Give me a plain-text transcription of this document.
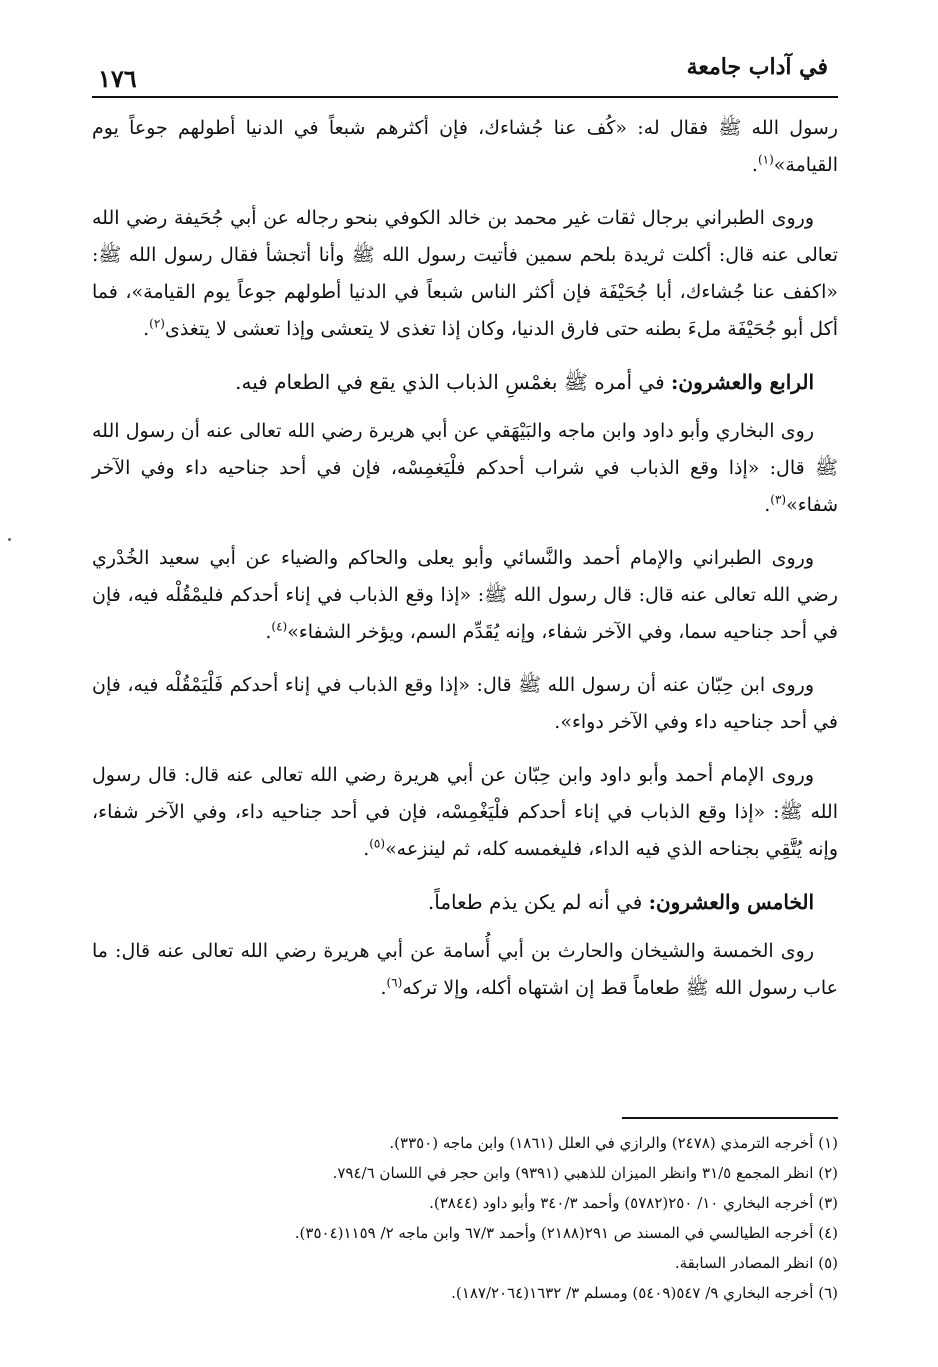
في آداب جامعة
١٧٦

رسول الله ﷺ فقال له: «كُف عنا جُشاءك، فإن أكثرهم شبعاً في الدنيا أطولهم جوعاً يوم القيامة»$^{(١)}$.

وروى الطبراني برجال ثقات غير محمد بن خالد الكوفي بنحو رجاله عن أبي جُحَيفة رضي الله تعالى عنه قال: أكلت ثريدة بلحم سمين فأتيت رسول الله ﷺ وأنا أتجشأ فقال رسول الله ﷺ: «اكفف عنا جُشاءك، أبا جُحَيْفَة فإن أكثر الناس شبعاً في الدنيا أطولهم جوعاً يوم القيامة»، فما أكل أبو جُحَيْفَة ملءَ بطنه حتى فارق الدنيا، وكان إذا تغذى لا يتعشى وإذا تعشى لا يتغذى$^{(٢)}$.

الرابع والعشرون: في أمره ﷺ بغمْسِ الذباب الذي يقع في الطعام فيه.

روى البخاري وأبو داود وابن ماجه والبَيْهَقي عن أبي هريرة رضي الله تعالى عنه أن رسول الله ﷺ قال: «إذا وقع الذباب في شراب أحدكم فلْيَغمِسْه، فإن في أحد جناحيه داء وفي الآخر شفاء»$^{(٣)}$.

وروى الطبراني والإمام أحمد والنَّسائي وأبو يعلى والحاكم والضياء عن أبي سعيد الخُدْري رضي الله تعالى عنه قال: قال رسول الله ﷺ: «إذا وقع الذباب في إناء أحدكم فليمْقُلْه فيه، فإن في أحد جناحيه سما، وفي الآخر شفاء، وإنه يُقَدِّم السم، ويؤخر الشفاء»$^{(٤)}$.

وروى ابن حِبّان عنه أن رسول الله ﷺ قال: «إذا وقع الذباب في إناء أحدكم فَلْيَمْقُلْه فيه، فإن في أحد جناحيه داء وفي الآخر دواء».

وروى الإمام أحمد وأبو داود وابن حِبّان عن أبي هريرة رضي الله تعالى عنه قال: قال رسول الله ﷺ: «إذا وقع الذباب في إناء أحدكم فلْيَغْمِسْه، فإن في أحد جناحيه داء، وفي الآخر شفاء، وإنه يُتَّقِي بجناحه الذي فيه الداء، فليغمسه كله، ثم لينزعه»$^{(٥)}$.

الخامس والعشرون: في أنه لم يكن يذم طعاماً.

روى الخمسة والشيخان والحارث بن أبي أُسامة عن أبي هريرة رضي الله تعالى عنه قال: ما عاب رسول الله ﷺ طعاماً قط إن اشتهاه أكله، وإلا تركه$^{(٦)}$.

(١) أخرجه الترمذي (٢٤٧٨) والرازي في العلل (١٨٦١) وابن ماجه (٣٣٥٠).

(٢) انظر المجمع ٣١/٥ وانظر الميزان للذهبي (٩٣٩١) وابن حجر في اللسان ٧٩٤/٦.

(٣) أخرجه البخاري ١٠/ ٢٥٠(٥٧٨٢) وأحمد ٣٤٠/٣ وأبو داود (٣٨٤٤).

(٤) أخرجه الطيالسي في المسند ص ٢٩١(٢١٨٨) وأحمد ٦٧/٣ وابن ماجه ٢/ ١١٥٩(٣٥٠٤).

(٥) انظر المصادر السابقة.

(٦) أخرجه البخاري ٩/ ٥٤٧(٥٤٠٩) ومسلم ٣/ ١٦٣٢(١٨٧/٢٠٦٤).
